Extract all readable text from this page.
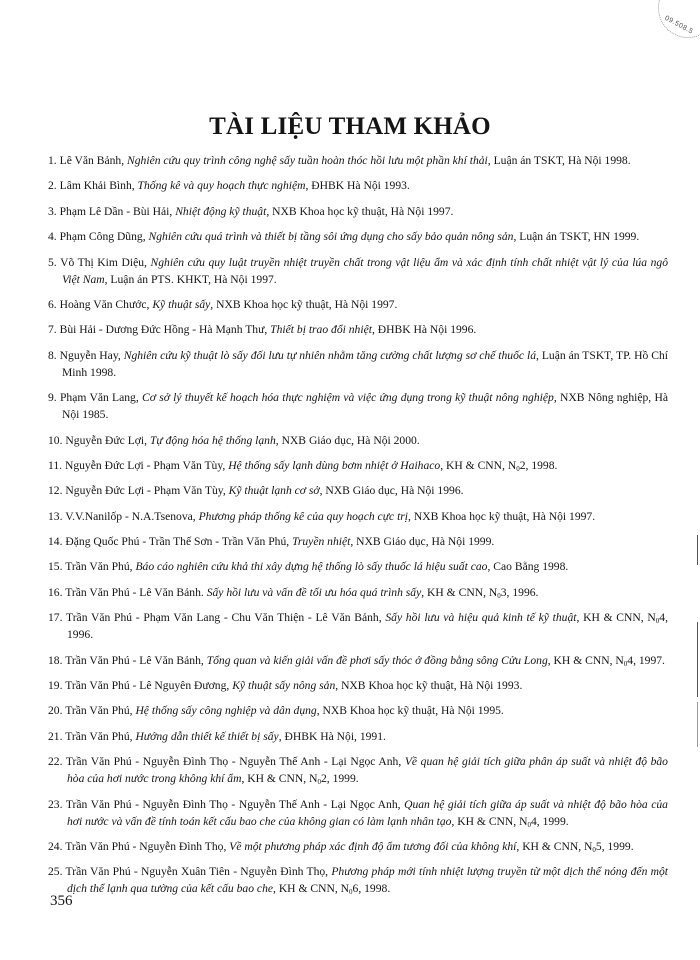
09.508.5
TÀI LIỆU THAM KHẢO
1. Lê Văn Bảnh, Nghiên cứu quy trình công nghệ sấy tuần hoàn thóc hồi lưu một phần khí thải, Luận án TSKT, Hà Nội 1998.
2. Lâm Khải Bình, Thống kê và quy hoạch thực nghiệm, ĐHBK Hà Nội 1993.
3. Phạm Lê Dần - Bùi Hải, Nhiệt động kỹ thuật, NXB Khoa học kỹ thuật, Hà Nội 1997.
4. Phạm Công Dũng, Nghiên cứu quá trình và thiết bị tầng sôi ứng dụng cho sấy bảo quản nông sản, Luận án TSKT, HN 1999.
5. Võ Thị Kim Diệu, Nghiên cứu quy luật truyền nhiệt truyền chất trong vật liệu ẩm và xác định tính chất nhiệt vật lý của lúa ngô Việt Nam, Luận án PTS. KHKT, Hà Nội 1997.
6. Hoàng Văn Chước, Kỹ thuật sấy, NXB Khoa học kỹ thuật, Hà Nội 1997.
7. Bùi Hải - Dương Đức Hồng - Hà Mạnh Thư, Thiết bị trao đổi nhiệt, ĐHBK Hà Nội 1996.
8. Nguyễn Hay, Nghiên cứu kỹ thuật lò sấy đối lưu tự nhiên nhằm tăng cường chất lượng sơ chế thuốc lá, Luận án TSKT, TP. Hồ Chí Minh 1998.
9. Phạm Văn Lang, Cơ sở lý thuyết kế hoạch hóa thực nghiệm và việc ứng dụng trong kỹ thuật nông nghiệp, NXB Nông nghiệp, Hà Nội 1985.
10. Nguyễn Đức Lợi, Tự động hóa hệ thống lạnh, NXB Giáo dục, Hà Nội 2000.
11. Nguyễn Đức Lợi - Phạm Văn Tùy, Hệ thống sấy lạnh dùng bơm nhiệt ở Haihaco, KH & CNN, $N_02$, 1998.
12. Nguyễn Đức Lợi - Phạm Văn Tùy, Kỹ thuật lạnh cơ sở, NXB Giáo dục, Hà Nội 1996.
13. V.V.Nanilốp - N.A.Tsenova, Phương pháp thống kê của quy hoạch cực trị, NXB Khoa học kỹ thuật, Hà Nội 1997.
14. Đặng Quốc Phú - Trần Thế Sơn - Trần Văn Phú, Truyền nhiệt, NXB Giáo dục, Hà Nội 1999.
15. Trần Văn Phú, Báo cáo nghiên cứu khả thi xây dựng hệ thống lò sấy thuốc lá hiệu suất cao, Cao Bằng 1998.
16. Trần Văn Phú - Lê Văn Bảnh. Sấy hồi lưu và vấn đề tối ưu hóa quá trình sấy, KH & CNN, $N_03$, 1996.
17. Trần Văn Phú - Phạm Văn Lang - Chu Văn Thiện - Lê Văn Bảnh, Sấy hồi lưu và hiệu quả kinh tế kỹ thuật, KH & CNN, $N_04$, 1996.
18. Trần Văn Phú - Lê Văn Bảnh, Tổng quan và kiến giải vấn đề phơi sấy thóc ở đồng bằng sông Cửu Long, KH & CNN, $N_04$, 1997.
19. Trần Văn Phú - Lê Nguyên Đương, Kỹ thuật sấy nông sản, NXB Khoa học kỹ thuật, Hà Nội 1993.
20. Trần Văn Phú, Hệ thống sấy công nghiệp và dân dụng, NXB Khoa học kỹ thuật, Hà Nội 1995.
21. Trần Văn Phú, Hướng dẫn thiết kế thiết bị sấy, ĐHBK Hà Nội, 1991.
22. Trần Văn Phú - Nguyễn Đình Thọ - Nguyễn Thế Anh - Lại Ngọc Anh, Về quan hệ giải tích giữa phân áp suất và nhiệt độ bão hòa của hơi nước trong không khí ẩm, KH & CNN, $N_02$, 1999.
23. Trần Văn Phú - Nguyễn Đình Thọ - Nguyễn Thế Anh - Lại Ngọc Anh, Quan hệ giải tích giữa áp suất và nhiệt độ bão hòa của hơi nước và vấn đề tính toán kết cấu bao che của không gian có làm lạnh nhân tạo, KH & CNN, $N_04$, 1999.
24. Trần Văn Phú - Nguyễn Đình Thọ, Về một phương pháp xác định độ ẩm tương đối của không khí, KH & CNN, $N_05$, 1999.
25. Trần Văn Phú - Nguyễn Xuân Tiên - Nguyễn Đình Thọ, Phương pháp mới tính nhiệt lượng truyền từ một dịch thể nóng đến một dịch thể lạnh qua tường của kết cấu bao che, KH & CNN, $N_06$, 1998.
356
